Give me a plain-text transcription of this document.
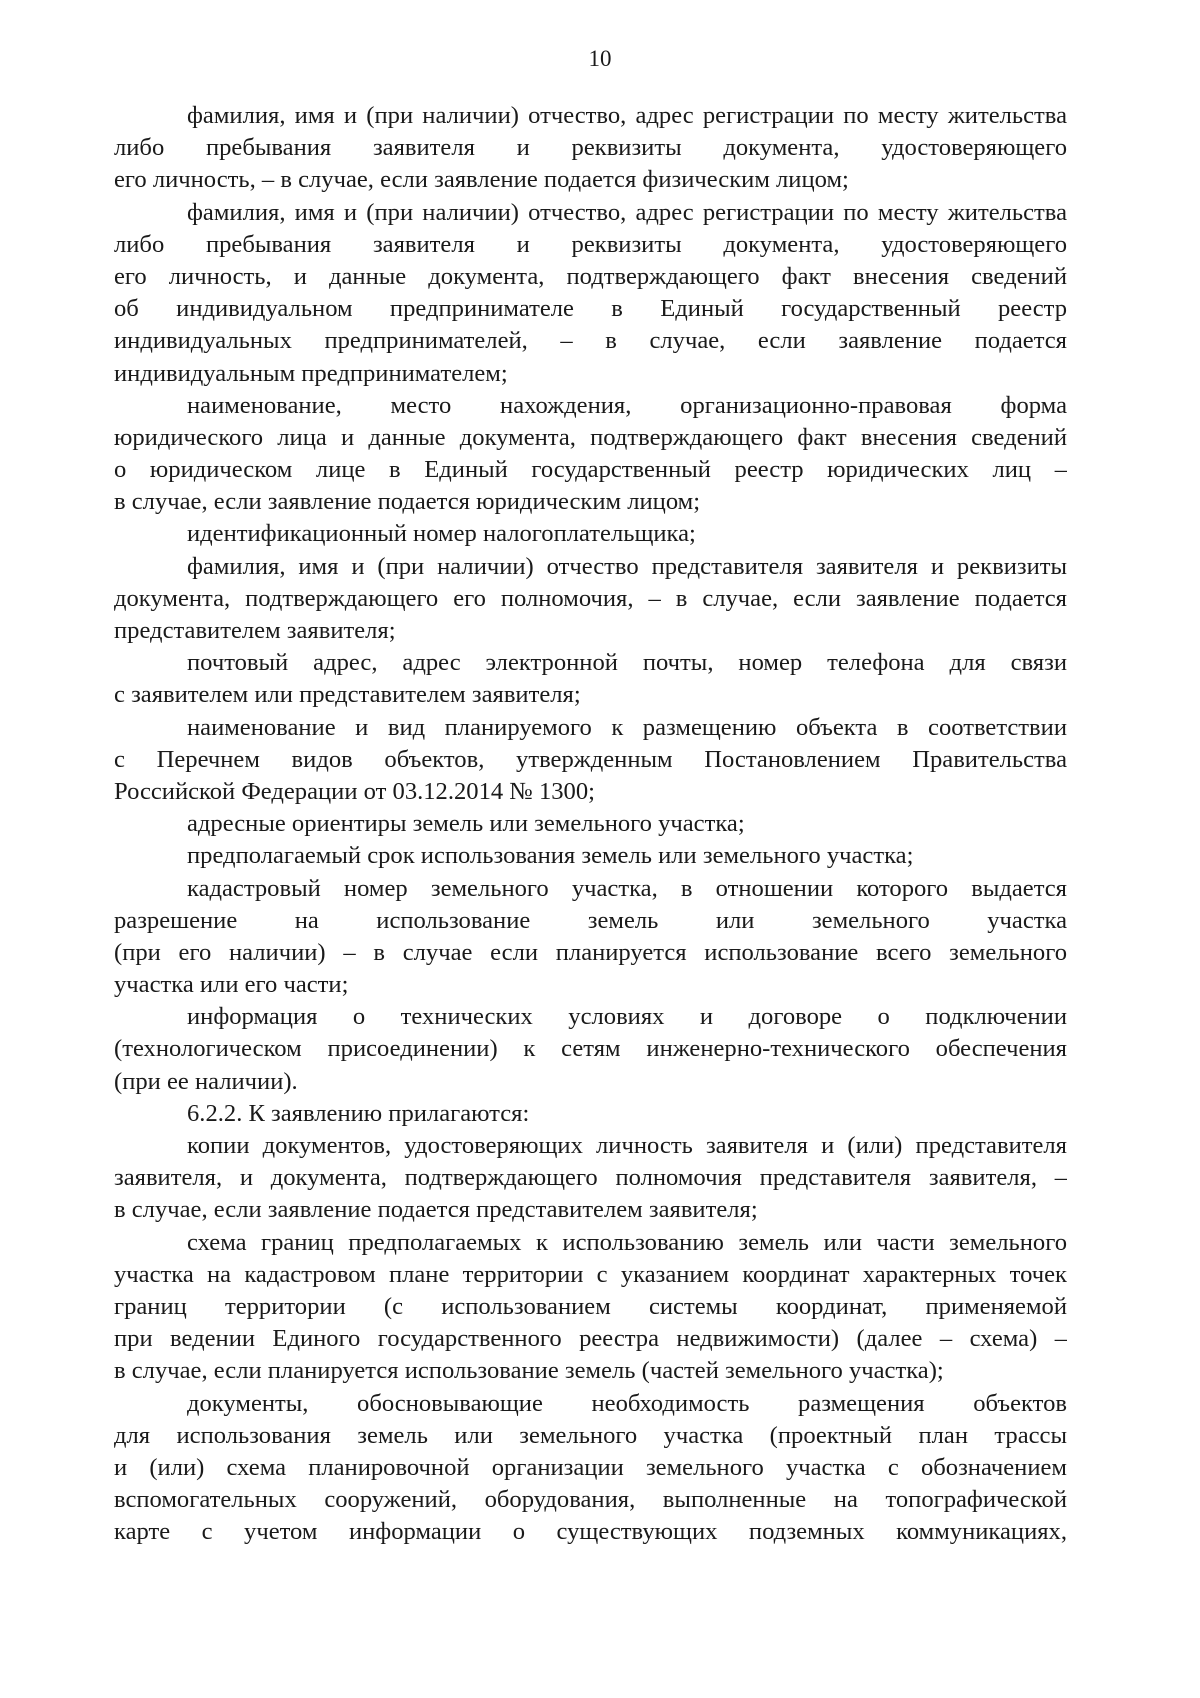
10
фамилия, имя и (при наличии) отчество, адрес регистрации по месту жительства
либо пребывания заявителя и реквизиты документа, удостоверяющего
его личность, – в случае, если заявление подается физическим лицом;
фамилия, имя и (при наличии) отчество, адрес регистрации по месту жительства
либо пребывания заявителя и реквизиты документа, удостоверяющего
его личность, и данные документа, подтверждающего факт внесения сведений
об индивидуальном предпринимателе в Единый государственный реестр
индивидуальных предпринимателей, – в случае, если заявление подается
индивидуальным предпринимателем;
наименование, место нахождения, организационно-правовая форма
юридического лица и данные документа, подтверждающего факт внесения сведений
о юридическом лице в Единый государственный реестр юридических лиц –
в случае, если заявление подается юридическим лицом;
идентификационный номер налогоплательщика;
фамилия, имя и (при наличии) отчество представителя заявителя и реквизиты
документа, подтверждающего его полномочия, – в случае, если заявление подается
представителем заявителя;
почтовый адрес, адрес электронной почты, номер телефона для связи
с заявителем или представителем заявителя;
наименование и вид планируемого к размещению объекта в соответствии
с Перечнем видов объектов, утвержденным Постановлением Правительства
Российской Федерации от 03.12.2014 № 1300;
адресные ориентиры земель или земельного участка;
предполагаемый срок использования земель или земельного участка;
кадастровый номер земельного участка, в отношении которого выдается
разрешение на использование земель или земельного участка
(при его наличии) – в случае если планируется использование всего земельного
участка или его части;
информация о технических условиях и договоре о подключении
(технологическом присоединении) к сетям инженерно-технического обеспечения
(при ее наличии).
6.2.2. К заявлению прилагаются:
копии документов, удостоверяющих личность заявителя и (или) представителя
заявителя, и документа, подтверждающего полномочия представителя заявителя, –
в случае, если заявление подается представителем заявителя;
схема границ предполагаемых к использованию земель или части земельного
участка на кадастровом плане территории с указанием координат характерных точек
границ территории (с использованием системы координат, применяемой
при ведении Единого государственного реестра недвижимости) (далее – схема) –
в случае, если планируется использование земель (частей земельного участка);
документы, обосновывающие необходимость размещения объектов
для использования земель или земельного участка (проектный план трассы
и (или) схема планировочной организации земельного участка с обозначением
вспомогательных сооружений, оборудования, выполненные на топографической
карте с учетом информации о существующих подземных коммуникациях,
